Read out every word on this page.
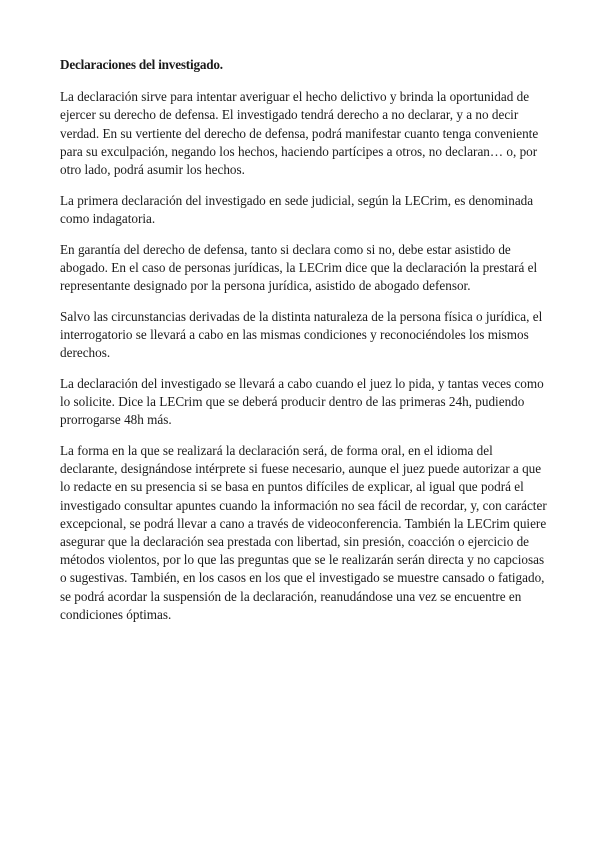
Declaraciones del investigado.

La declaración sirve para intentar averiguar el hecho delictivo y brinda la oportunidad de ejercer su derecho de defensa. El investigado tendrá derecho a no declarar, y a no decir verdad. En su vertiente del derecho de defensa, podrá manifestar cuanto tenga conveniente para su exculpación, negando los hechos, haciendo partícipes a otros, no declaran… o, por otro lado, podrá asumir los hechos.

La primera declaración del investigado en sede judicial, según la LECrim, es denominada como indagatoria.

En garantía del derecho de defensa, tanto si declara como si no, debe estar asistido de abogado. En el caso de personas jurídicas, la LECrim dice que la declaración la prestará el representante designado por la persona jurídica, asistido de abogado defensor.

Salvo las circunstancias derivadas de la distinta naturaleza de la persona física o jurídica, el interrogatorio se llevará a cabo en las mismas condiciones y reconociéndoles los mismos derechos.

La declaración del investigado se llevará a cabo cuando el juez lo pida, y tantas veces como lo solicite. Dice la LECrim que se deberá producir dentro de las primeras 24h, pudiendo prorrogarse 48h más.

La forma en la que se realizará la declaración será, de forma oral, en el idioma del declarante, designándose intérprete si fuese necesario, aunque el juez puede autorizar a que lo redacte en su presencia si se basa en puntos difíciles de explicar, al igual que podrá el investigado consultar apuntes cuando la información no sea fácil de recordar, y, con carácter excepcional, se podrá llevar a cano a través de videoconferencia. También la LECrim quiere asegurar que la declaración sea prestada con libertad, sin presión, coacción o ejercicio de métodos violentos, por lo que las preguntas que se le realizarán serán directa y no capciosas o sugestivas. También, en los casos en los que el investigado se muestre cansado o fatigado, se podrá acordar la suspensión de la declaración, reanudándose una vez se encuentre en condiciones óptimas.
